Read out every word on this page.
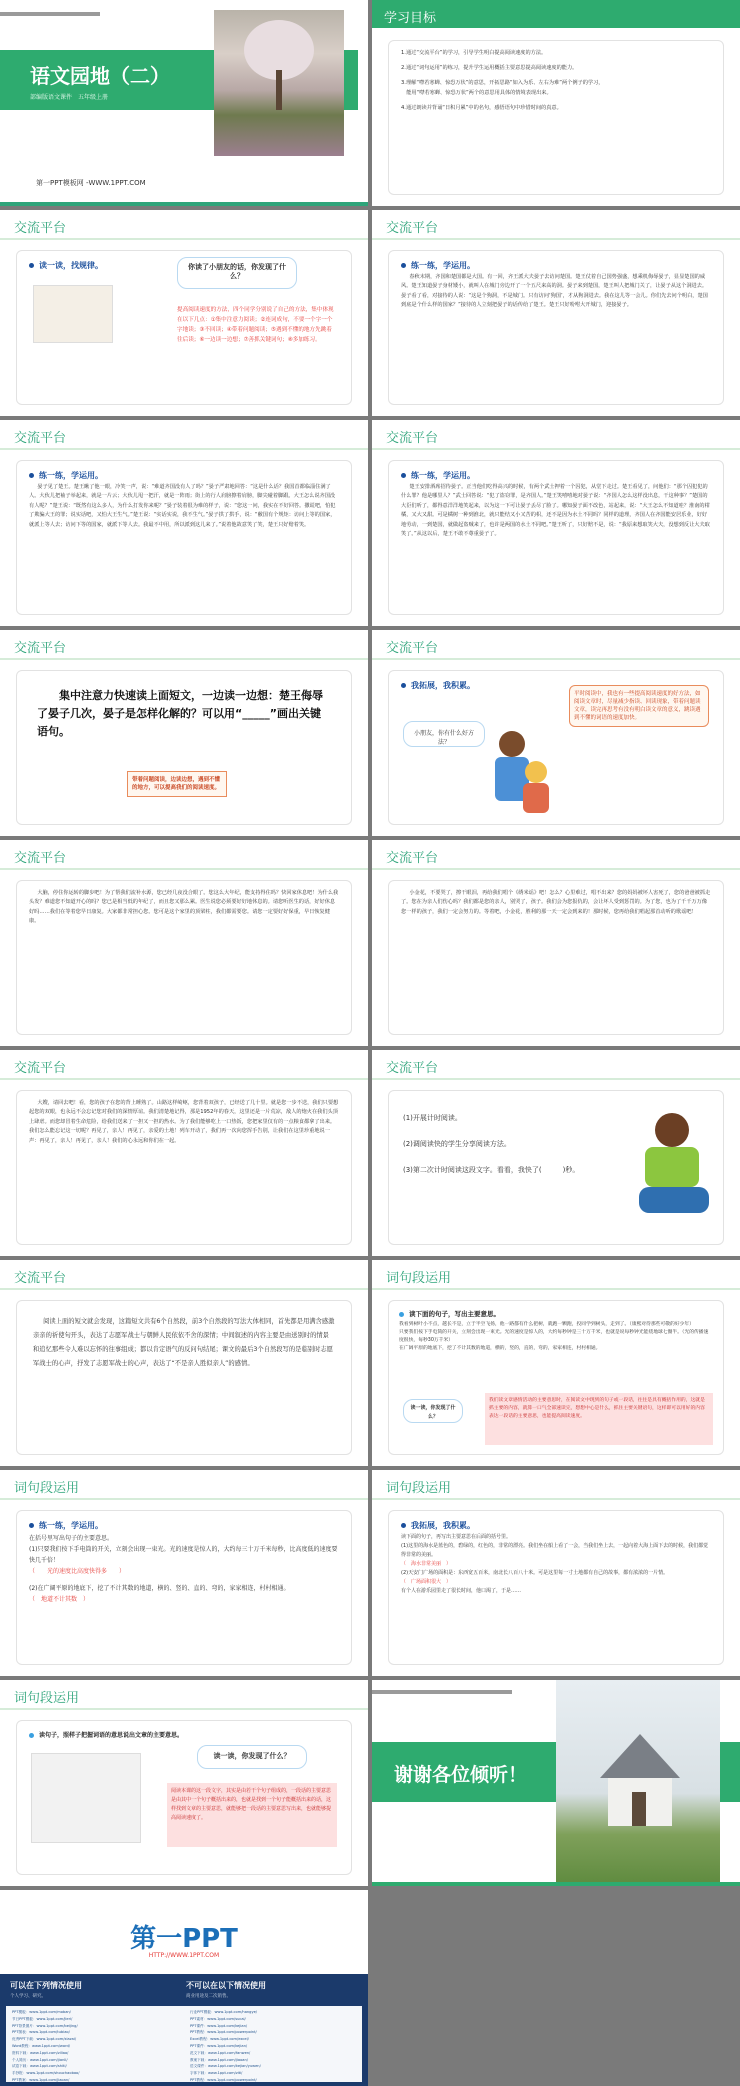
语文园地（二）
部编版语文课件　五年级上册
第一PPT模板网 -WWW.1PPT.COM
学习目标
1.通过“交流平台”的学习，引导学生明白提高阅读速度的方法。
2.通过“词句运用”的练习，提升学生运用概括主要意思提高阅读速度的能力。
3.理解“噤若寒蝉、惊恐万状”的意思，开拓思路“如入为乐、左右为难”两个例子的学习，
　能用“噤若寒蝉、惊恐万状”两个的意思用具体的情境表现出来。
4.通过朗读并背诵“日积月累”中的名句，感悟语句中珍惜时间的真意。
交流平台
读一读，找规律。	你读了小朋友的话，你发现了什么？
提高阅读速度的方法，四个同学分别说了自己的方法，集中体现在以下几点：①集中注意力阅读；②连词成句，不要一个字一个字地读；③不回读；④带着问题阅读；⑤遇到不懂的地方先跳着往后读；⑥一边读一边想；⑦善抓关键词句；⑧多加练习。
交流平台
练一练，学运用。
春秋末期，齐国和楚国都是大国。有一回，齐王派大夫晏子去访问楚国。楚王仗着自己国势强盛，想乘机侮辱晏子，显显楚国的威风。楚王知道晏子身材矮小，就叫人在城门旁边开了一个五尺来高的洞。晏子来到楚国，楚王叫人把城门关了，让晏子从这个洞进去。晏子看了看，对接待的人说：“这是个狗洞，不是城门。只有访问‘狗国’，才从狗洞进去。我在这儿等一会儿。你们先去问个明白，楚国到底是个什么样的国家？”接待的人立刻把晏子的话传给了楚王。楚王只好吩咐大开城门，迎接晏子。
交流平台
练一练，学运用。
晏子见了楚王。楚王瞅了他一眼，冷笑一声，说：“难道齐国没有人了吗？”晏子严肃地回答：“这是什么话？我国首都临淄住满了人。大伙儿把袖子举起来，就是一片云；大伙儿甩一把汗，就是一阵雨；街上的行人肩膀擦着肩膀，脚尖碰着脚跟。大王怎么说齐国没有人呢？”楚王说：“既然有这么多人，为什么打发你来呢？”晏子装着很为难的样子，说：“您这一问，我实在不好回答。撒谎吧，怕犯了欺骗大王的罪；说实话吧，又怕大王生气。”楚王说：“实话实说，我不生气。”晏子拱了拱手，说：“敝国有个规矩：访问上等的国家，就派上等人去；访问下等的国家，就派下等人去。我最不中用，所以派到这儿来了。”说着他故意笑了笑，楚王只好赔着笑。
交流平台
练一练，学运用。
楚王安排酒席招待晏子。正当他们吃得高兴的时候，有两个武士押着一个囚犯，从堂下走过。楚王看见了，问他们：“那个囚犯犯的什么罪？他是哪里人？”武士回答说：“犯了盗窃罪，是齐国人。”楚王笑嘻嘻地对晏子说：“齐国人怎么这样没出息，干这种事？”楚国的大臣们听了，都得意洋洋地笑起来，以为这一下可让晏子丢尽了脸了。哪知晏子面不改色，站起来，说：“大王怎么不知道哇？淮南的柑橘，又大又甜。可是橘树一种到淮北，就只能结又小又苦的枳，还不是因为水土不同吗？同样的道理，齐国人在齐国能安居乐业，好好地劳动，一到楚国，就做起盗贼来了，也许是两国的水土不同吧。”楚王听了，只好赔不是，说：“我原来想取笑大夫，没想到反让大夫取笑了。”从这以后，楚王不敢不尊重晏子了。
交流平台
集中注意力快速读上面短文，一边读一边想：楚王侮辱了晏子几次，晏子是怎样化解的？可以用“_____”画出关键语句。
带着问题阅读，边读边想，遇到不懂的地方，可以提高我们的阅读速度。
交流平台
我拓展，我积累。
小朋友，你有什么好方法？
平时阅读中，我也有一些提高阅读速度的好方法，如阅读文章时，尽量减少指读、回读现象，带着问题读文章，读完再思考有没有明白读文章的意义，跳读遇到不懂的词语的速度加快。
交流平台
大脑，停住你运转的脚步吧！为了帮我们流补水源，您已经几夜没合眼了。您这么大年纪，能支持得住吗？快回家休息吧！为什么我头发？难道您不知道开心的吗？您已是相当低的年纪了，而且您又那么累。医生说您必须要好好地休息的。请您听医生的话，好好休息好吗……我们在等着您早日康复。大家都非常担心您。您可是这个家里的顶梁柱，我们都需要您。请您一定要好好保重，早日恢复健康。
交流平台
小金花，不要哭了，擦干眼泪，再给我们唱个《绣米谣》吧！怎么？心里难过，唱不出来？您的妈妈被坏人害死了，您的爸爸被抓走了。您在为亲人们伤心吗？我们都是您的亲人，别哭了，孩子。我们会为您报仇的，会让坏人受到惩罚的。为了您，也为了千千万万像您一样的孩子，我们一定会努力的。等着吧，小金花，胜利的那一天一定会到来的！那时候，您再给我们唱起那首动听的歌谣吧！
交流平台
大嫂，请回去吧！看，您的孩子在您的背上睡熟了。山路这样崎岖，您背着双孩子，已经送了几十里。就是您一步不送，我们只要想起您的双眼，也永远不会忘记您对我们的深情厚谊。我们清楚地记得，那是1952年的春天，这里还是一片荒凉，敌人的炮火在我们头顶上肆虐。而您却冒着生命危险，给我们送来了一担又一担的热水。为了我们能够吃上一口热饭，您把家里仅有的一点粮食都拿了出来。我们怎么能忘记这一切呢？再见了，亲人！再见了，亲爱的土地！列车开动了，我们再一次向您挥手告别，让我们在这里珍重地说一声：再见了，亲人！再见了，亲人！我们的心永远和你们在一起。
交流平台
(1)开展计时阅读。
(2)调阅读快的学生分享阅读方法。
(3)第二次计时阅读这段文字。看看，我快了(　　　)秒。
交流平台
阅读上面的短文就会发现，这篇短文共有6个自然段，前3个自然段的写法大体相同，首先都是用满含感激亲亲的祈使句开头，表达了志愿军战士与朝鲜人民依依不舍的深情；中间叙述的内容主要是由送别时的情景和追忆那些令人难以忘怀的往事组成；都以肯定语气的反问句结尾；课文的最后3个自然段写的是临别时志愿军战士的心声，抒发了志愿军战士的心声，表达了“不是亲人胜似亲人”的感情。
词句段运用
读下面的句子，写出主要意思。
我看到树叶小不点，越长不是，立于半空飞扬，他一路都有什么把树，就跑一颗跑，投同学到树头，走到了。（康熙对待那些可敬的好少年）
只要我们按下手电筒的开关，立刻会出现一束光。光的速度是惊人的，大约每秒钟是三十万千米，也就是说每秒钟光能绕地球七圈半。（光的传播速度很快，每秒30万千米）
在广阔平原的地底下，挖了不计其数的地道，横的，竖的，直的，弯的，家家相连，村村相通。
读一读，你发现了什么？
我们读文章感情活动的主要意思时，在阅读文中现到的句子或一段话，往往是具有概括作用的，这就是抓主要的内容，就算一口气全部速读完，想想中心是什么，抓住主要关键语句，这样即可以用好的内容表达一段话的主要意思，也能提高阅读速度。
词句段运用
练一练，学运用。
在括号里写出句子的主要意思。
(1)只要我们按下手电筒的开关，立刻会出现一束光。光的速度是惊人的，大约每三十万千米每秒，比高度低的速度要快几千倍！
（　　光的速度比高度快得多　　）
(2)在广阔平原的地底下，挖了不计其数的地道，横的、竖的、直的、弯的，家家相连，村村相通。
（　地道不计其数　）
词句段运用
我拓展，我积累。
读下面的句子，再写出主要意思在后面的括号里。
(1)这里的海水是蓝色的，碧绿的，红色的，非常的漂亮。我们坐在船上看了一会，当我们坐上去，一起向着大海上面下去的时候，我们都觉得非常的美丽。
（　海水非常美丽　）
(2)天安门广场的面积是：东西宽五百米，南北长八百八十米。可是这里每一寸土地都有自己的故事，都有浓浓的一片情。
（　广场面积很大　）
有个人在游乐园里走了很长时间，他口渴了，于是……
词句段运用
读句子，照样子把握词语的意思说出文章的主要意思。
读一读，你发现了什么？
阅读本课的这一段文字，其实是由若干个句子组成的，一段话的主要意思是由其中一个句子概括出来的，也就是找到一个句子能概括出来的话，这样找到文章的主要意思，就能够把一段话的主要意思写出来，也就能够提高阅读速度了。
谢谢各位倾听！
第一PPT
HTTP://WWW.1PPT.COM
可以在下列情况使用
个人学习、研究。
不可以在以下情况使用
商业用途及二次销售。
PPT模板：www.1ppt.com/moban/
节日PPT模板：www.1ppt.com/jieri/
PPT背景图片：www.1ppt.com/beijing/
PPT图表：www.1ppt.com/tubiao/
优秀PPT下载：www.1ppt.com/xiazai/
Word教程：www.1ppt.com/word/
资料下载：www.1ppt.com/ziliao/
个人简历：www.1ppt.com/jianli/
试卷下载：www.1ppt.com/shiti/
手抄报：www.1ppt.com/shouchaobao/
PPT教案：www.1ppt.com/jiaoan/
行业PPT模板：www.1ppt.com/hangye/
PPT素材：www.1ppt.com/sucai/
PPT课件：www.1ppt.com/kejian/
PPT教程：www.1ppt.com/powerpoint/
Excel教程：www.1ppt.com/excel/
PPT课件：www.1ppt.com/kejian/
范文下载：www.1ppt.com/fanwen/
教案下载：www.1ppt.com/jiaoan/
语文课件：www.1ppt.com/kejian/yuwen/
字体下载：www.1ppt.com/ziti/
PPT教程：www.1ppt.com/powerpoint/
